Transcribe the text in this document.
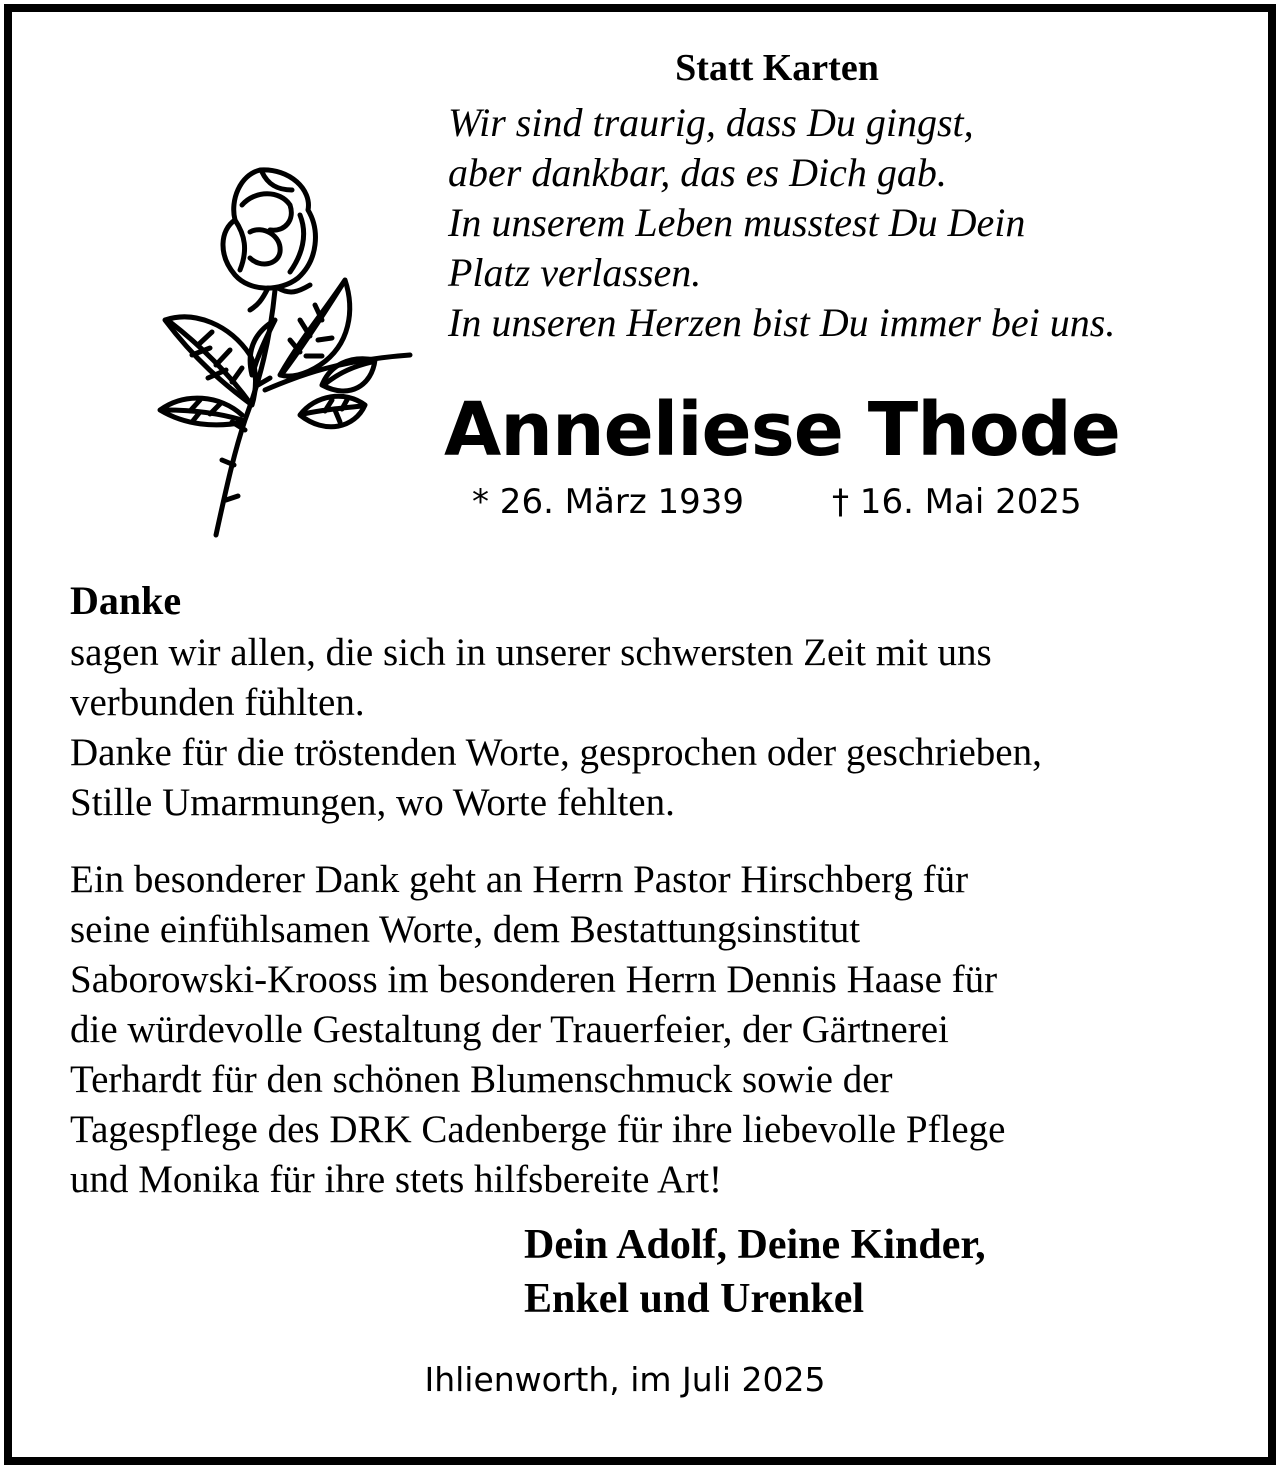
Statt Karten
Wir sind traurig, dass Du gingst,
aber dankbar, das es Dich gab.
In unserem Leben musstest Du Dein
Platz verlassen.
In unseren Herzen bist Du immer bei uns.
Anneliese Thode
* 26. März 1939	† 16. Mai 2025
Danke
sagen wir allen, die sich in unserer schwersten Zeit mit uns
verbunden fühlten.
Danke für die tröstenden Worte, gesprochen oder geschrieben,
Stille Umarmungen, wo Worte fehlten.
Ein besonderer Dank geht an Herrn Pastor Hirschberg für
seine einfühlsamen Worte, dem Bestattungsinstitut
Saborowski-Krooss im besonderen Herrn Dennis Haase für
die würdevolle Gestaltung der Trauerfeier, der Gärtnerei
Terhardt für den schönen Blumenschmuck sowie der
Tagespflege des DRK Cadenberge für ihre liebevolle Pflege
und Monika für ihre stets hilfsbereite Art!
Dein Adolf, Deine Kinder,
Enkel und Urenkel
Ihlienworth, im Juli 2025
